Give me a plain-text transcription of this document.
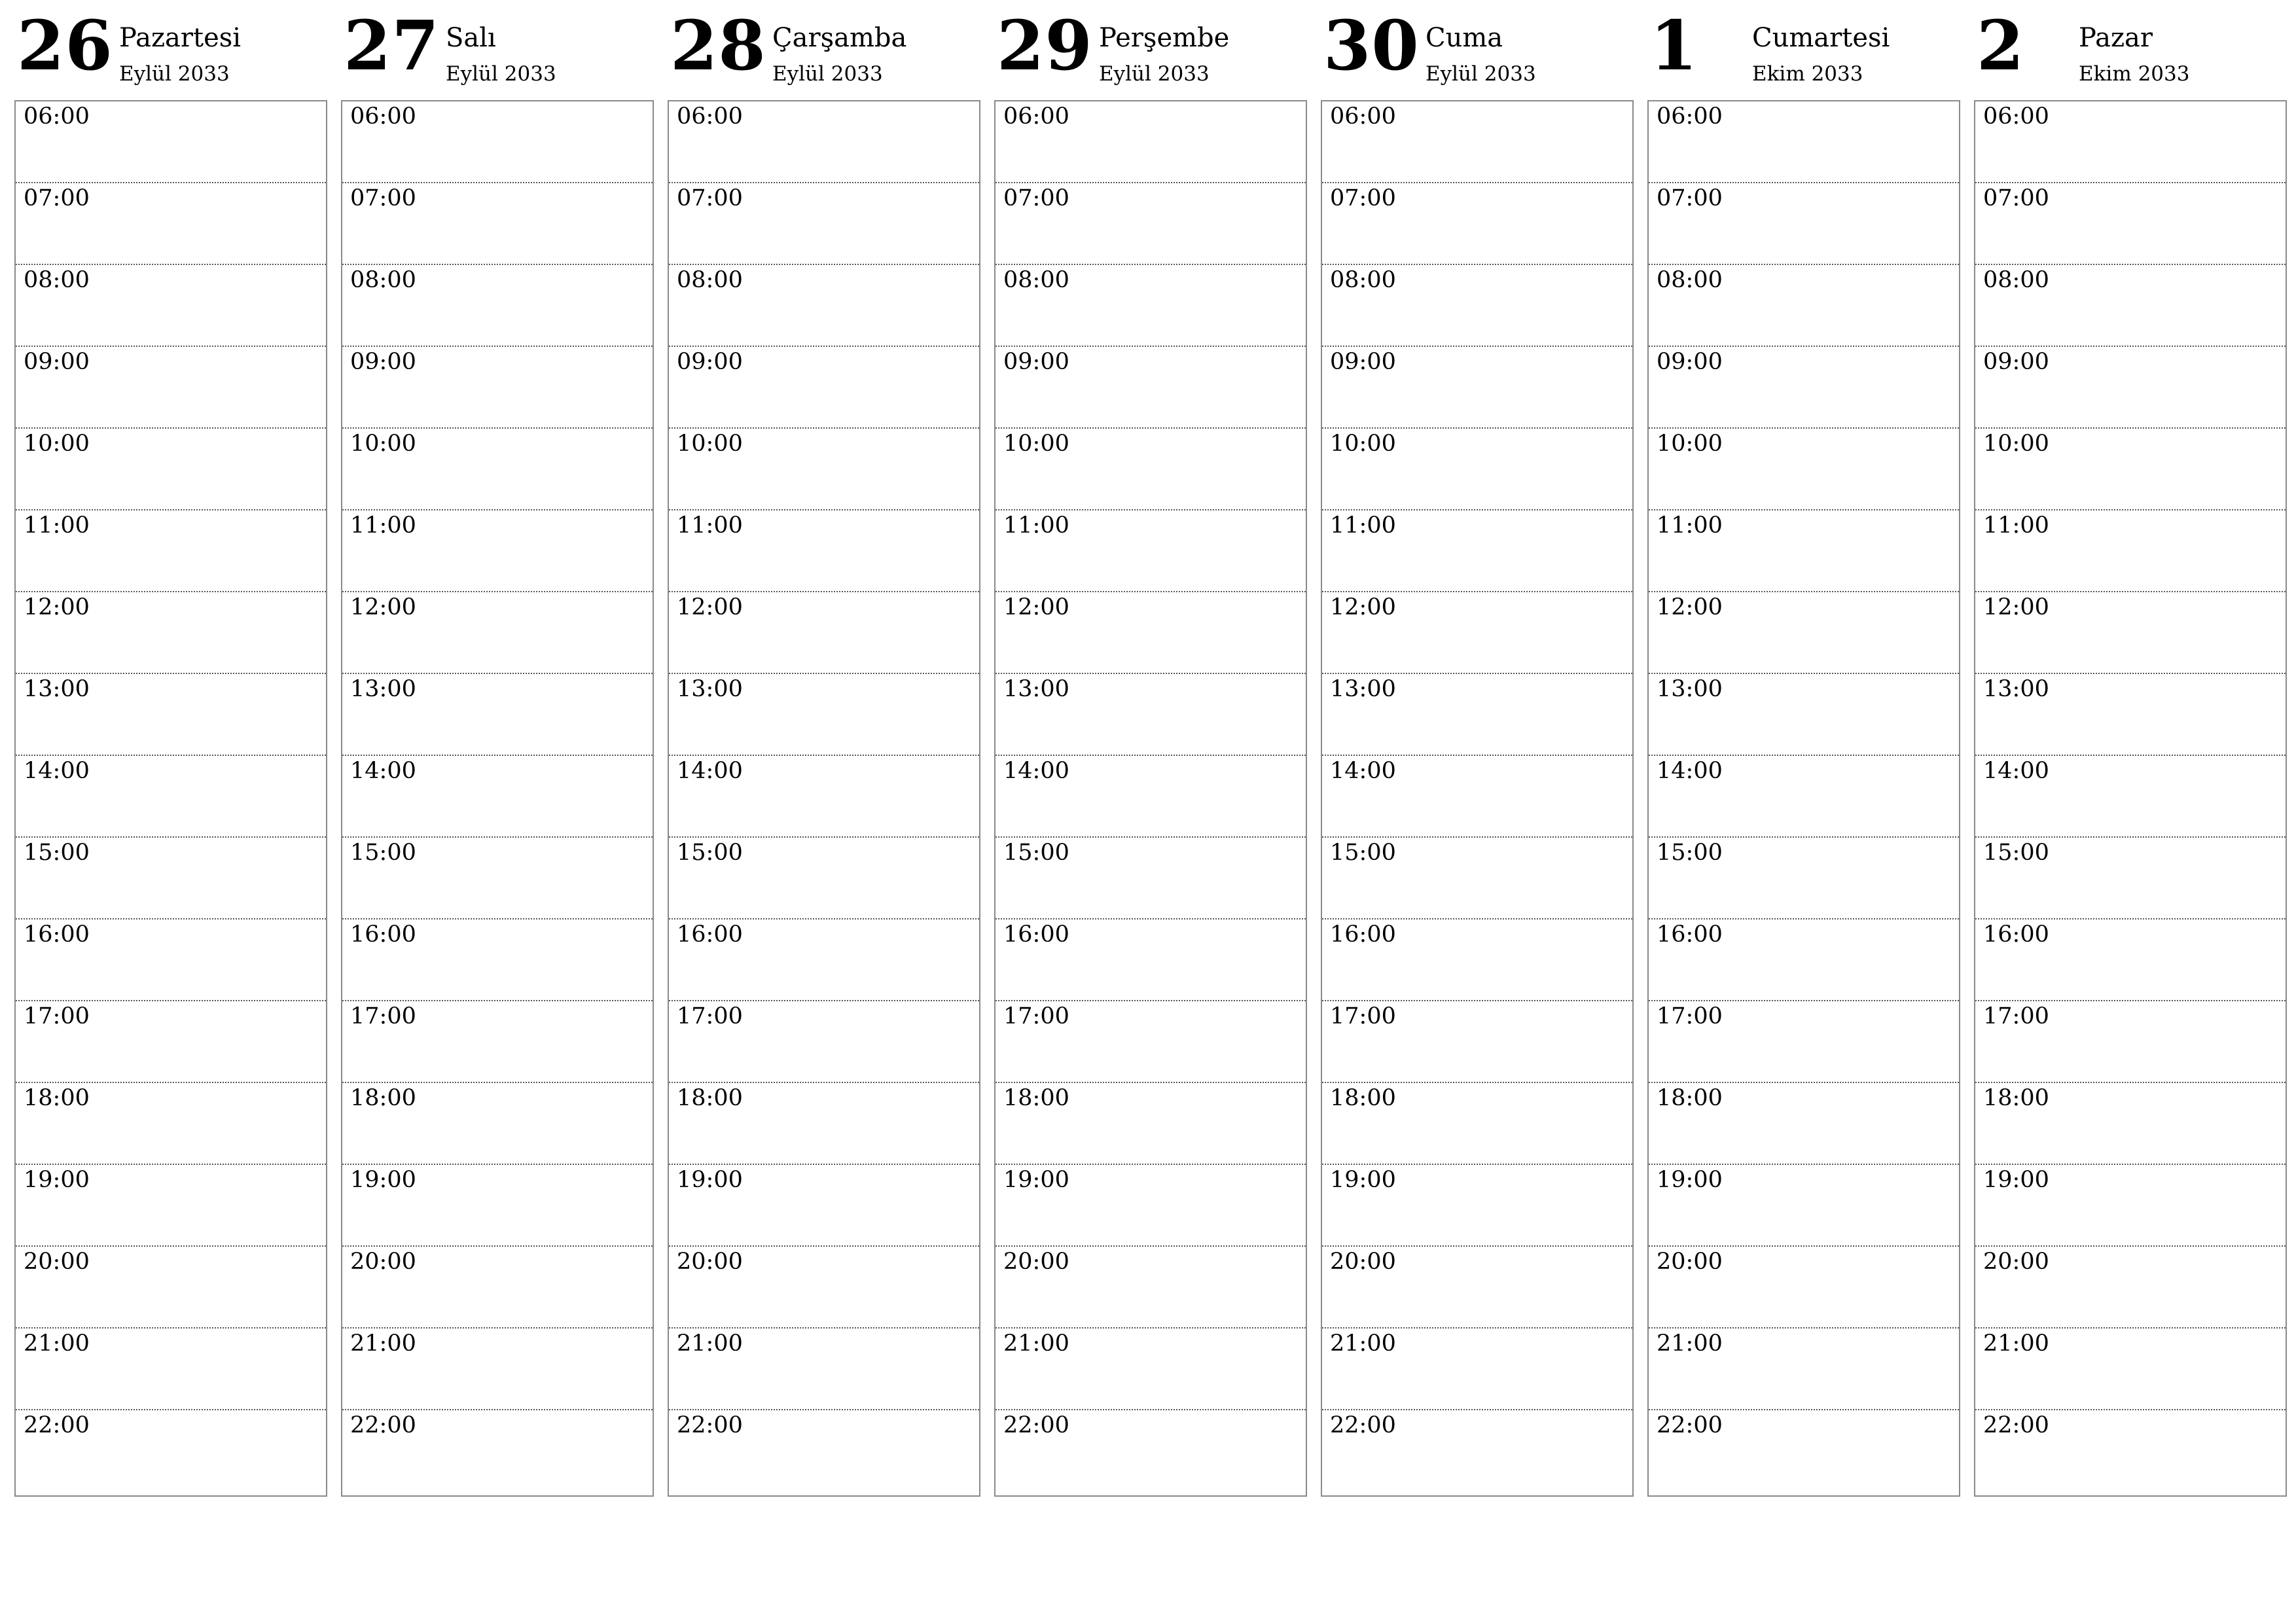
26 Pazartesi
Eylül 2033
06:00
07:00
08:00
09:00
10:00
11:00
12:00
13:00
14:00
15:00
16:00
17:00
18:00
19:00
20:00
21:00
22:00
27 Salı
Eylül 2033
06:00
07:00
08:00
09:00
10:00
11:00
12:00
13:00
14:00
15:00
16:00
17:00
18:00
19:00
20:00
21:00
22:00
28 Çarşamba
Eylül 2033
06:00
07:00
08:00
09:00
10:00
11:00
12:00
13:00
14:00
15:00
16:00
17:00
18:00
19:00
20:00
21:00
22:00
29 Perşembe
Eylül 2033
06:00
07:00
08:00
09:00
10:00
11:00
12:00
13:00
14:00
15:00
16:00
17:00
18:00
19:00
20:00
21:00
22:00
30 Cuma
Eylül 2033
06:00
07:00
08:00
09:00
10:00
11:00
12:00
13:00
14:00
15:00
16:00
17:00
18:00
19:00
20:00
21:00
22:00
1 Cumartesi
Ekim 2033
06:00
07:00
08:00
09:00
10:00
11:00
12:00
13:00
14:00
15:00
16:00
17:00
18:00
19:00
20:00
21:00
22:00
2 Pazar
Ekim 2033
06:00
07:00
08:00
09:00
10:00
11:00
12:00
13:00
14:00
15:00
16:00
17:00
18:00
19:00
20:00
21:00
22:00
